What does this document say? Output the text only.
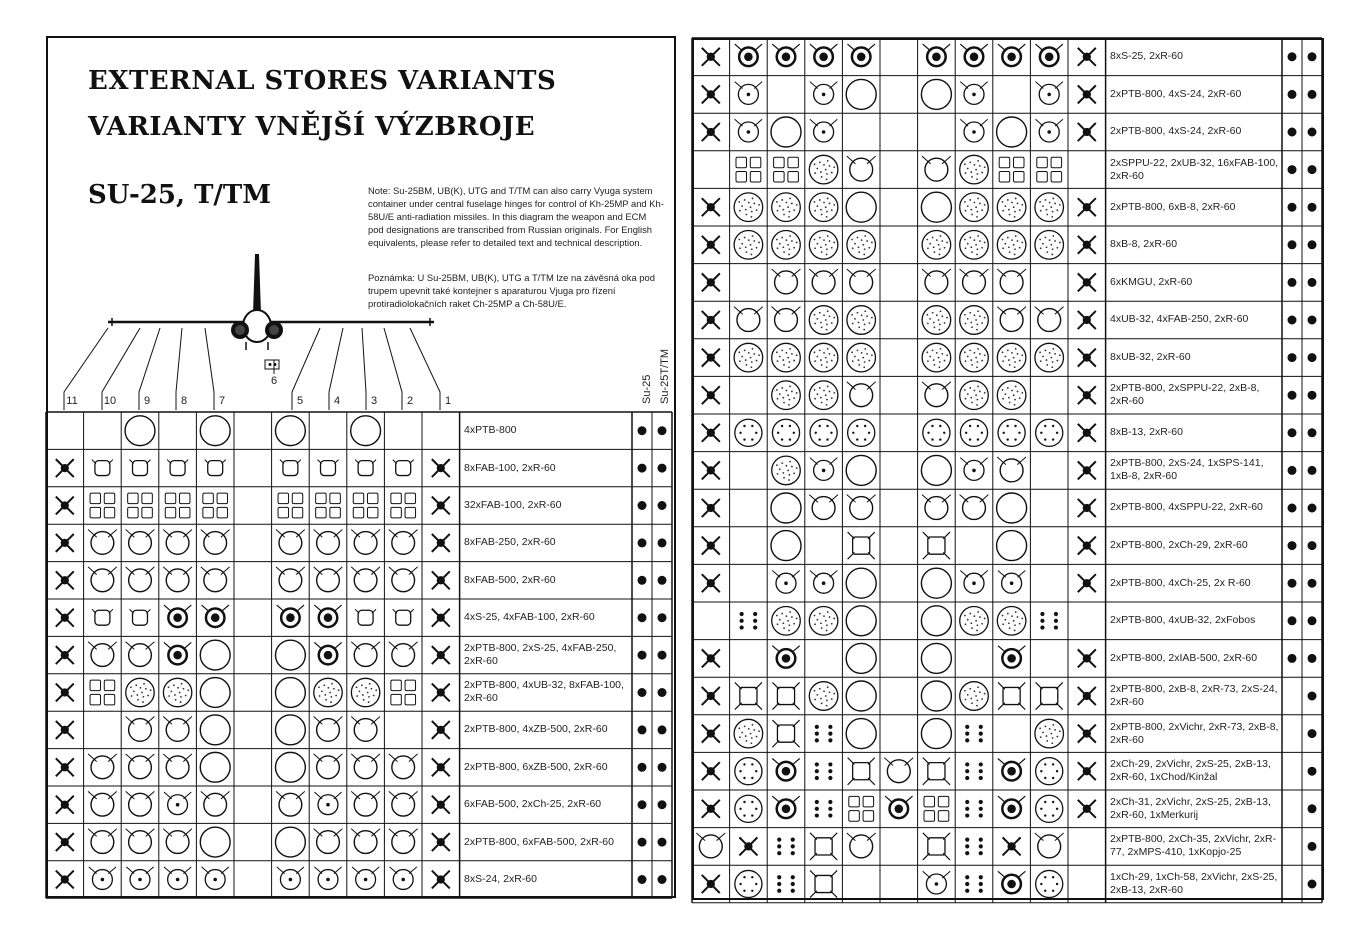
EXTERNAL STORES VARIANTS
VARIANTY VNĚJŠÍ VÝZBROJE
SU-25, T/TM	Note: Su-25BM, UB(K), UTG and T/TM can also carry Vyuga system container under central fuselage hinges for control of Kh-25MP and Kh-58U/E anti-radiation missiles. In this diagram the weapon and ECM pod designations are transcribed from Russian originals. For English equivalents, please refer to detailed text and technical description.
Poznámka: U Su-25BM, UB(K), UTG a T/TM lze na závěsná oka pod trupem upevnit také kontejner s aparaturou Vjuga pro řízení protiradiolokačních raket Ch-25MP a Ch-58U/E.
4xPTB-800
8xFAB-100, 2xR-60
32xFAB-100, 2xR-60
8xFAB-250, 2xR-60
8xFAB-500, 2xR-60
4xS-25, 4xFAB-100, 2xR-60
2xPTB-800, 2xS-25, 4xFAB-250, 2xR-60
2xPTB-800, 4xUB-32, 8xFAB-100, 2xR-60
2xPTB-800, 4xZB-500, 2xR-60
2xPTB-800, 6xZB-500, 2xR-60
6xFAB-500, 2xCh-25, 2xR-60
2xPTB-800, 6xFAB-500, 2xR-60
8xS-24, 2xR-60
8xS-25, 2xR-60
2xPTB-800, 4xS-24, 2xR-60
2xPTB-800, 4xS-24, 2xR-60
2xSPPU-22, 2xUB-32, 16xFAB-100, 2xR-60
2xPTB-800, 6xB-8, 2xR-60
8xB-8, 2xR-60
6xKMGU, 2xR-60
4xUB-32, 4xFAB-250, 2xR-60
8xUB-32, 2xR-60
2xPTB-800, 2xSPPU-22, 2xB-8, 2xR-60
8xB-13, 2xR-60
2xPTB-800, 2xS-24, 1xSPS-141, 1xB-8, 2xR-60
2xPTB-800, 4xSPPU-22, 2xR-60
2xPTB-800, 2xCh-29, 2xR-60
2xPTB-800, 4xCh-25, 2x R-60
2xPTB-800, 4xUB-32, 2xFobos
2xPTB-800, 2xIAB-500, 2xR-60
2xPTB-800, 2xB-8, 2xR-73, 2xS-24, 2xR-60
2xPTB-800, 2xVichr, 2xR-73, 2xB-8, 2xR-60
2xCh-29, 2xVichr, 2xS-25, 2xB-13, 2xR-60, 1xChod/Kinžal
2xCh-31, 2xVichr, 2xS-25, 2xB-13, 2xR-60, 1xMerkurij
2xPTB-800, 2xCh-35, 2xVichr, 2xR-77, 2xMPS-410, 1xKopjo-25
1xCh-29, 1xCh-58, 2xVichr, 2xS-25, 2xB-13, 2xR-60
11 10	9	8	7
6
5	4	3	2	1	Su-25 Su-25T/TM
